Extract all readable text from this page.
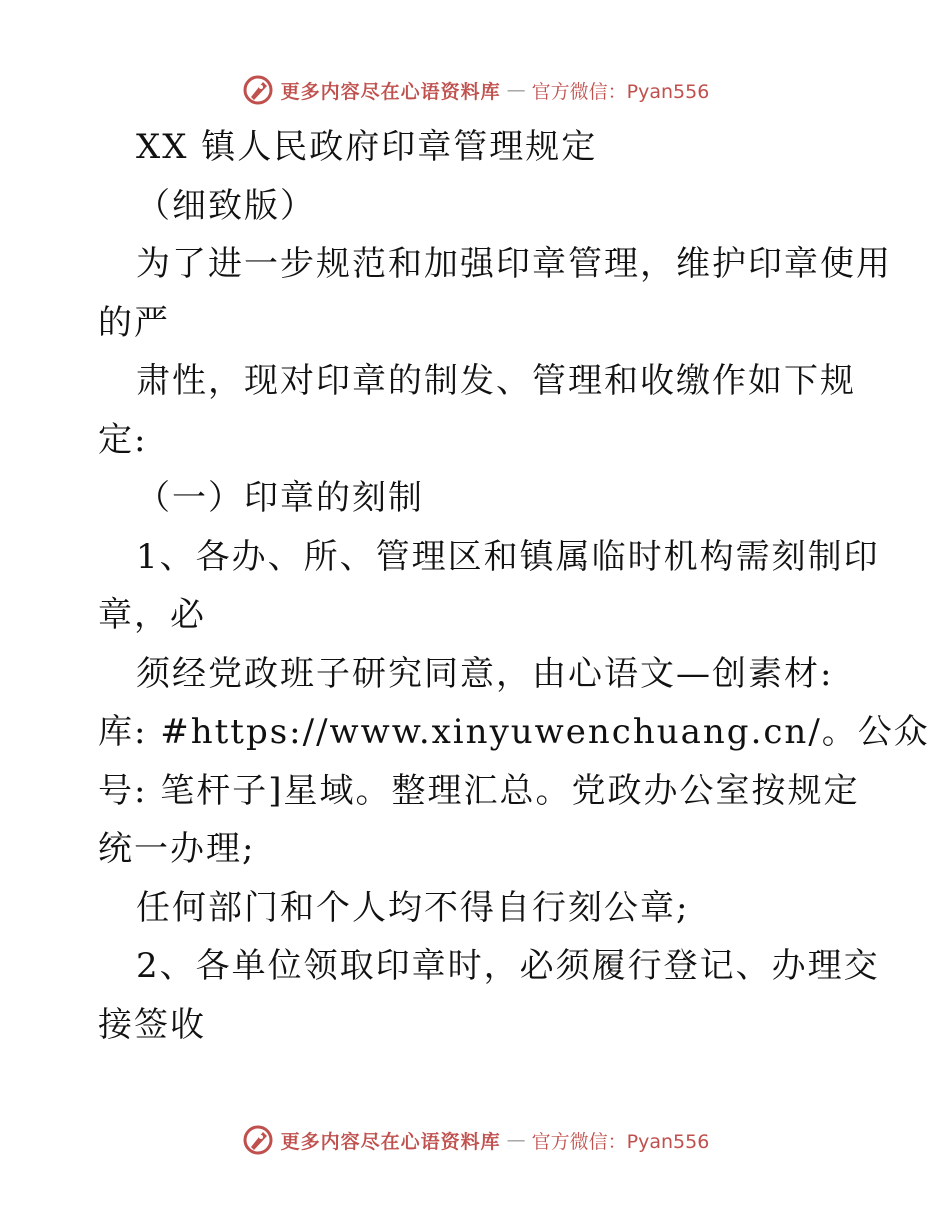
更多内容尽在心语资料库 — 官方微信：Pyan556
XX 镇人民政府印章管理规定
（细致版）
为了进一步规范和加强印章管理，维护印章使用
的严
肃性，现对印章的制发、管理和收缴作如下规
定:
（一）印章的刻制
1、各办、所、管理区和镇属临时机构需刻制印
章，必
须经党政班子研究同意，由心语文—创素材:
库: #https://www.xinyuwenchuang.cn/。公众
号: 笔杆子]星域。整理汇总。党政办公室按规定
统一办理;
任何部门和个人均不得自行刻公章;
2、各单位领取印章时，必须履行登记、办理交
接签收
更多内容尽在心语资料库 — 官方微信：Pyan556
